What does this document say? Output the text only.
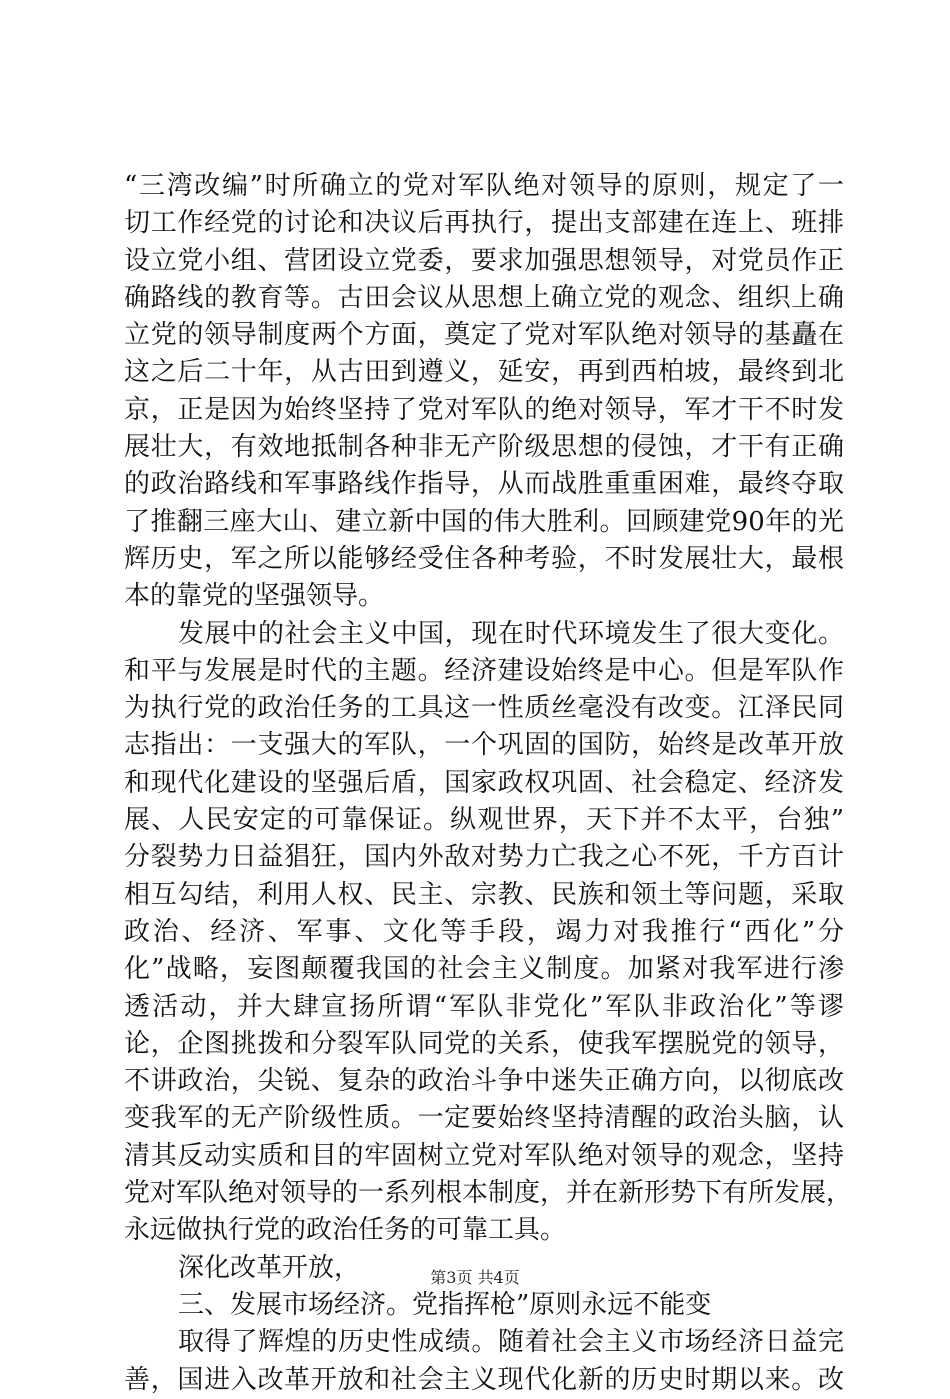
“三湾改编”时所确立的党对军队绝对领导的原则，规定了一
切工作经党的讨论和决议后再执行，提出支部建在连上、班排
设立党小组、营团设立党委，要求加强思想领导，对党员作正
确路线的教育等。古田会议从思想上确立党的观念、组织上确
立党的领导制度两个方面，奠定了党对军队绝对领导的基矗在
这之后二十年，从古田到遵义，延安，再到西柏坡，最终到北
京，正是因为始终坚持了党对军队的绝对领导，军才干不时发
展壮大，有效地抵制各种非无产阶级思想的侵蚀，才干有正确
的政治路线和军事路线作指导，从而战胜重重困难，最终夺取
了推翻三座大山、建立新中国的伟大胜利。回顾建党90年的光
辉历史，军之所以能够经受住各种考验，不时发展壮大，最根
本的靠党的坚强领导。
发展中的社会主义中国，现在时代环境发生了很大变化。
和平与发展是时代的主题。经济建设始终是中心。但是军队作
为执行党的政治任务的工具这一性质丝毫没有改变。江泽民同
志指出：一支强大的军队，一个巩固的国防，始终是改革开放
和现代化建设的坚强后盾，国家政权巩固、社会稳定、经济发
展、人民安定的可靠保证。纵观世界，天下并不太平，台独”
分裂势力日益猖狂，国内外敌对势力亡我之心不死，千方百计
相互勾结，利用人权、民主、宗教、民族和领土等问题，采取
政治、经济、军事、文化等手段，竭力对我推行“西化”分
化”战略，妄图颠覆我国的社会主义制度。加紧对我军进行渗
透活动，并大肆宣扬所谓“军队非党化”军队非政治化”等谬
论，企图挑拨和分裂军队同党的关系，使我军摆脱党的领导，
不讲政治，尖锐、复杂的政治斗争中迷失正确方向，以彻底改
变我军的无产阶级性质。一定要始终坚持清醒的政治头脑，认
清其反动实质和目的牢固树立党对军队绝对领导的观念，坚持
党对军队绝对领导的一系列根本制度，并在新形势下有所发展，
永远做执行党的政治任务的可靠工具。
深化改革开放，
三、发展市场经济。党指挥枪”原则永远不能变
取得了辉煌的历史性成绩。随着社会主义市场经济日益完
善，国进入改革开放和社会主义现代化新的历史时期以来。改
第3页 共4页
